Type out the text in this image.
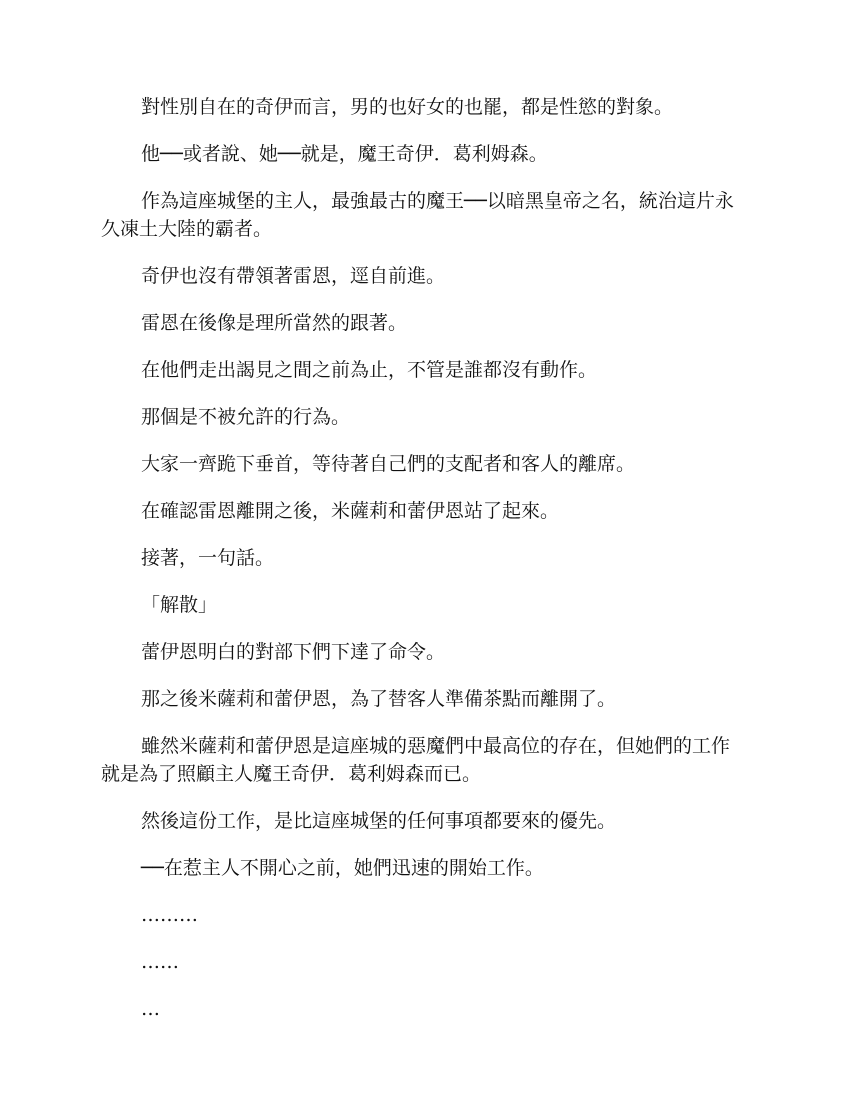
對性別自在的奇伊而言，男的也好女的也罷，都是性慾的對象。

他──或者說、她──就是，魔王奇伊．葛利姆森。

作為這座城堡的主人，最強最古的魔王──以暗黑皇帝之名，統治這片永久凍土大陸的霸者。

奇伊也沒有帶領著雷恩，逕自前進。

雷恩在後像是理所當然的跟著。

在他們走出謁見之間之前為止，不管是誰都沒有動作。

那個是不被允許的行為。

大家一齊跪下垂首，等待著自己們的支配者和客人的離席。

在確認雷恩離開之後，米薩莉和蕾伊恩站了起來。

接著，一句話。

「解散」

蕾伊恩明白的對部下們下達了命令。

那之後米薩莉和蕾伊恩，為了替客人準備茶點而離開了。

雖然米薩莉和蕾伊恩是這座城的惡魔們中最高位的存在，但她們的工作就是為了照顧主人魔王奇伊．葛利姆森而已。

然後這份工作，是比這座城堡的任何事項都要來的優先。

──在惹主人不開心之前，她們迅速的開始工作。

………

……

…
